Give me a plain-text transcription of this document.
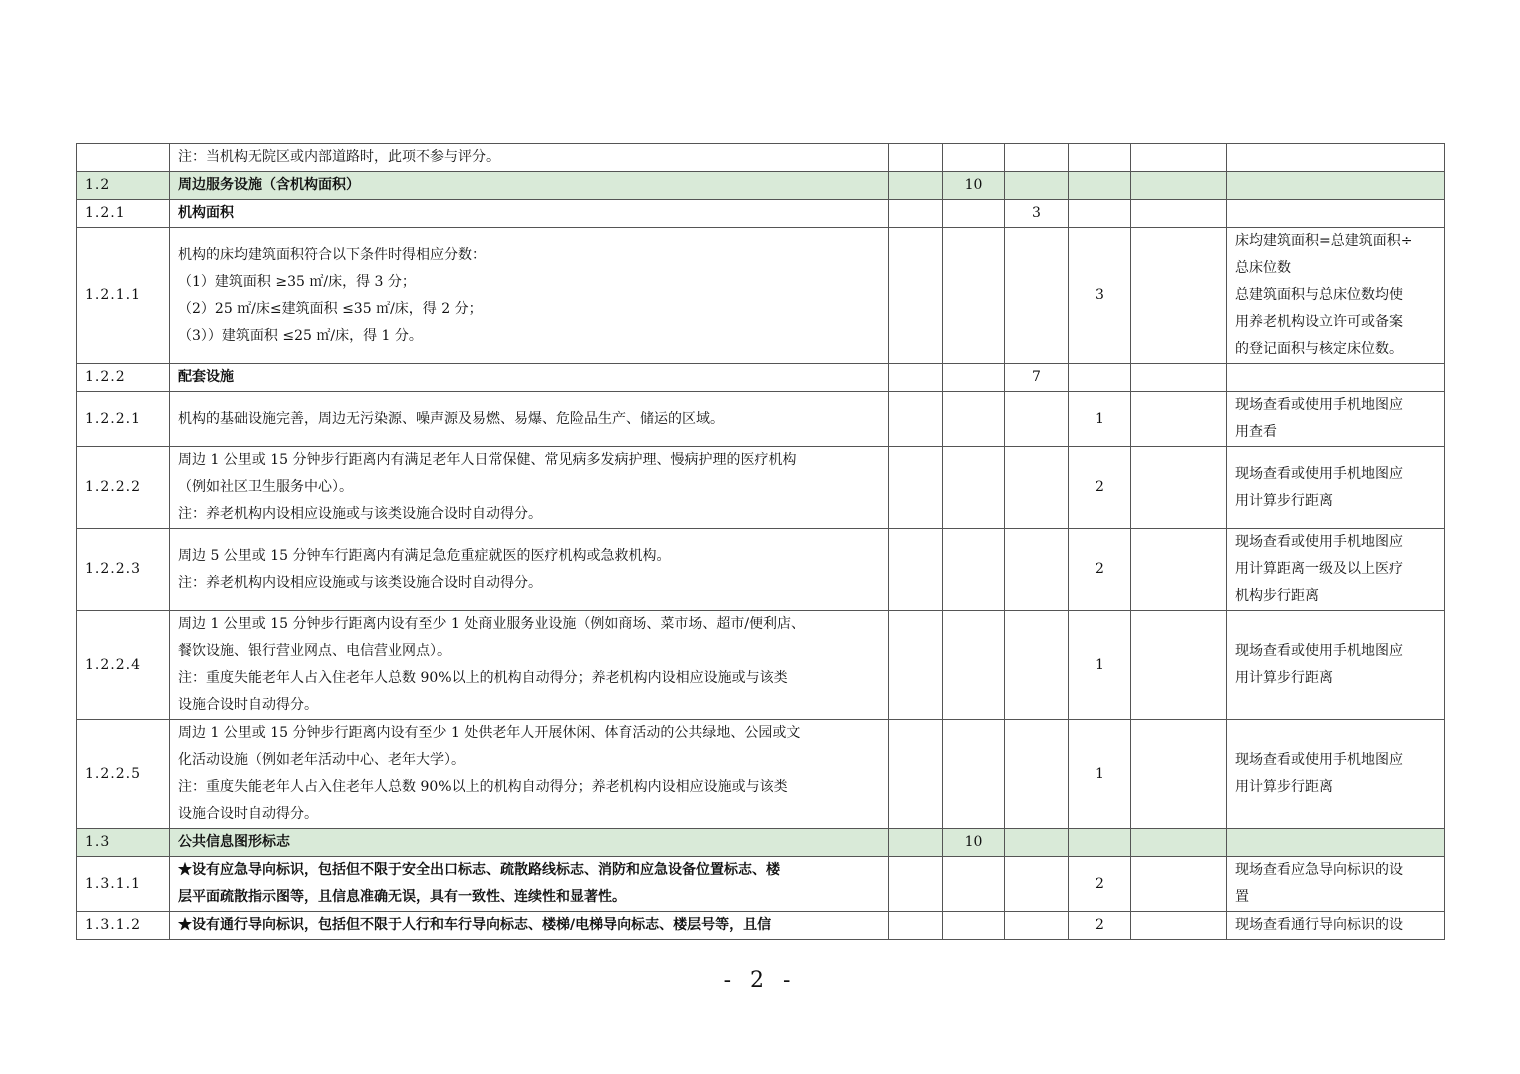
	注：当机构无院区或内部道路时，此项不参与评分。						

1.2	周边服务设施（含机构面积）		10				
1.2.1	机构面积			3			
1.2.1.1	机构的床均建筑面积符合以下条件时得相应分数：
（1）建筑面积 ≥35 ㎡/床，得 3 分；
（2）25 ㎡/床≤建筑面积 ≤35 ㎡/床，得 2 分；
（3））建筑面积 ≤25 ㎡/床，得 1 分。				3		床均建筑面积=总建筑面积÷
总床位数
总建筑面积与总床位数均使
用养老机构设立许可或备案
的登记面积与核定床位数。

1.2.2	配套设施			7			
1.2.2.1	机构的基础设施完善，周边无污染源、噪声源及易燃、易爆、危险品生产、储运的区域。				1		现场查看或使用手机地图应
用查看

1.2.2.2	周边 1 公里或 15 分钟步行距离内有满足老年人日常保健、常见病多发病护理、慢病护理的医疗机构
（例如社区卫生服务中心）。
注：养老机构内设相应设施或与该类设施合设时自动得分。				2		现场查看或使用手机地图应
用计算步行距离

1.2.2.3	周边 5 公里或 15 分钟车行距离内有满足急危重症就医的医疗机构或急救机构。
注：养老机构内设相应设施或与该类设施合设时自动得分。				2		现场查看或使用手机地图应
用计算距离一级及以上医疗
机构步行距离

1.2.2.4	周边 1 公里或 15 分钟步行距离内设有至少 1 处商业服务业设施（例如商场、菜市场、超市/便利店、
餐饮设施、银行营业网点、电信营业网点）。
注：重度失能老年人占入住老年人总数 90%以上的机构自动得分；养老机构内设相应设施或与该类
设施合设时自动得分。				1		现场查看或使用手机地图应
用计算步行距离

1.2.2.5	周边 1 公里或 15 分钟步行距离内设有至少 1 处供老年人开展休闲、体育活动的公共绿地、公园或文
化活动设施（例如老年活动中心、老年大学）。
注：重度失能老年人占入住老年人总数 90%以上的机构自动得分；养老机构内设相应设施或与该类
设施合设时自动得分。				1		现场查看或使用手机地图应
用计算步行距离

1.3	公共信息图形标志		10				
1.3.1.1	★设有应急导向标识，包括但不限于安全出口标志、疏散路线标志、消防和应急设备位置标志、楼
层平面疏散指示图等，且信息准确无误，具有一致性、连续性和显著性。				2		现场查看应急导向标识的设
置

1.3.1.2	★设有通行导向标识，包括但不限于人行和车行导向标志、楼梯/电梯导向标志、楼层号等，且信				2		现场查看通行导向标识的设
- 2 -
